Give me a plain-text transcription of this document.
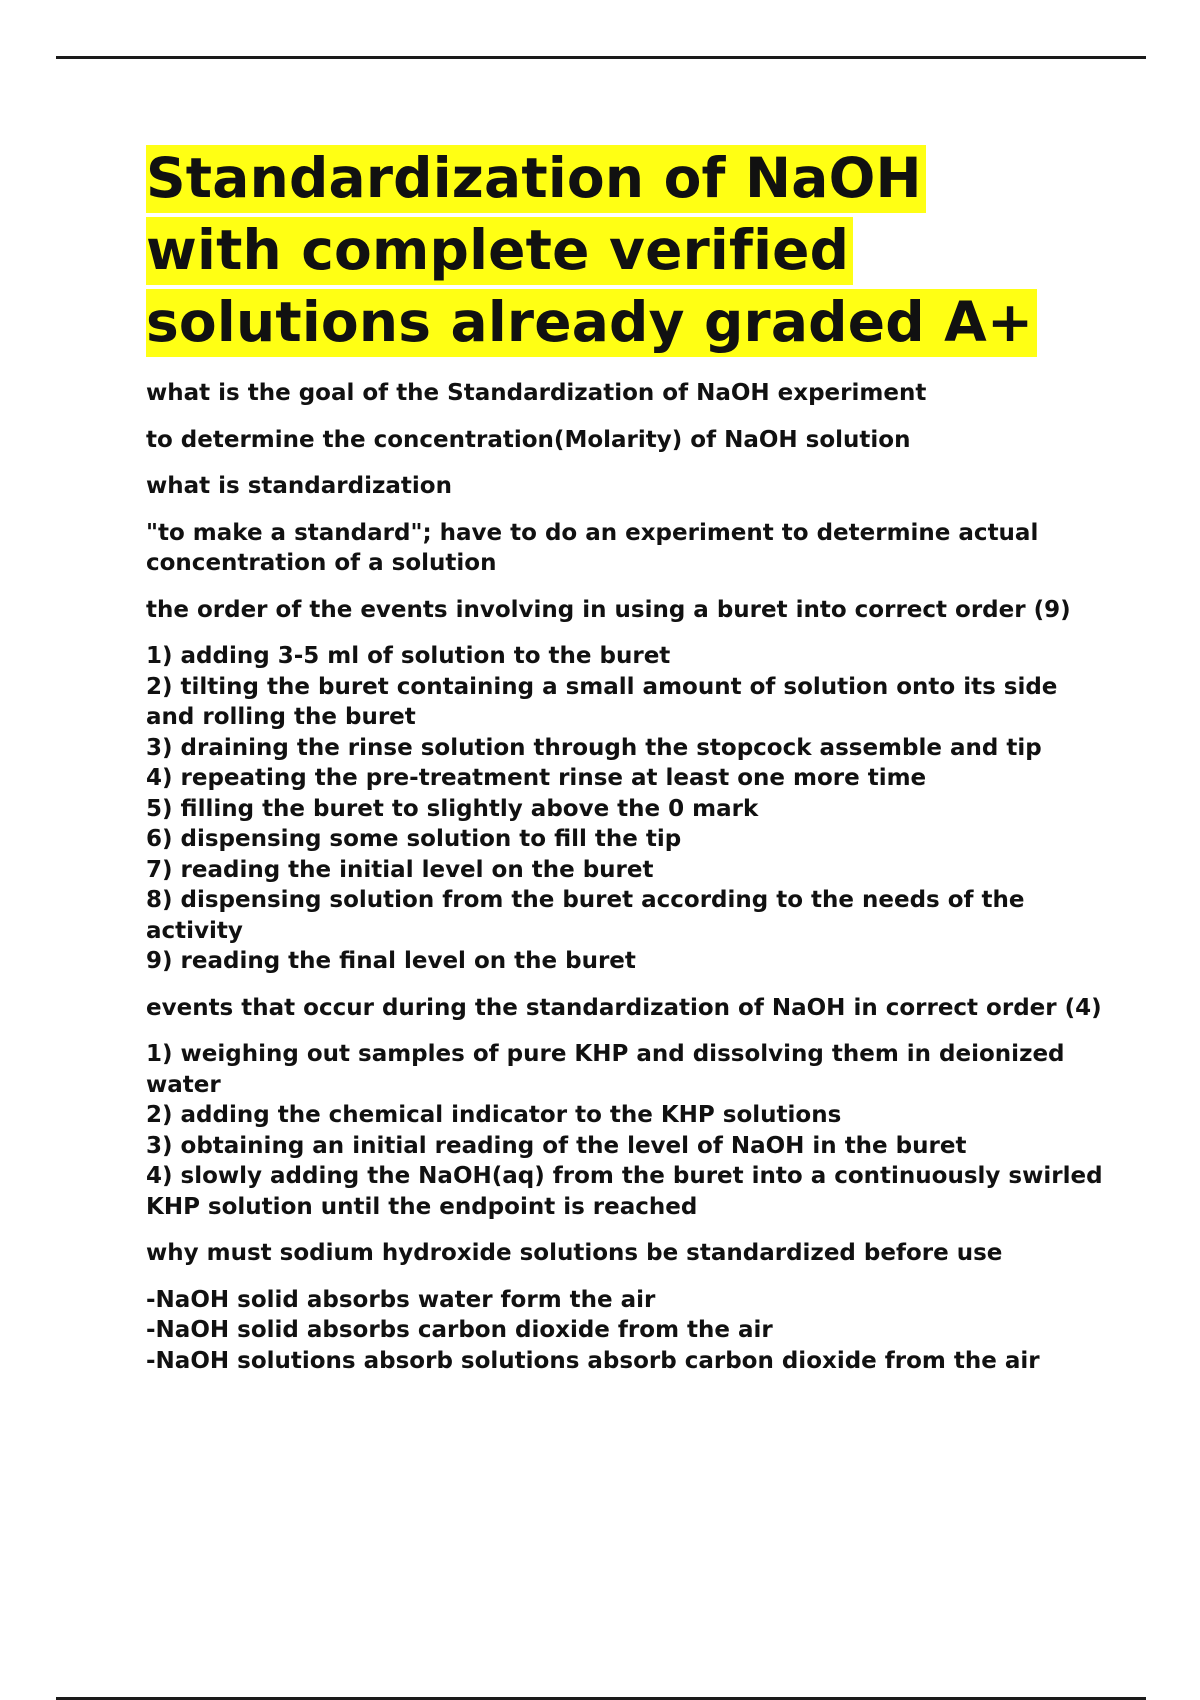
Standardization of NaOH
with complete verified
solutions already graded A+

what is the goal of the Standardization of NaOH experiment

to determine the concentration(Molarity) of NaOH solution

what is standardization

"to make a standard"; have to do an experiment to determine actual concentration of a solution

the order of the events involving in using a buret into correct order (9)

1) adding 3-5 ml of solution to the buret
2) tilting the buret containing a small amount of solution onto its side and rolling the buret
3) draining the rinse solution through the stopcock assemble and tip
4) repeating the pre-treatment rinse at least one more time
5) filling the buret to slightly above the 0 mark
6) dispensing some solution to fill the tip
7) reading the initial level on the buret
8) dispensing solution from the buret according to the needs of the activity
9) reading the final level on the buret

events that occur during the standardization of NaOH in correct order (4)

1) weighing out samples of pure KHP and dissolving them in deionized water
2) adding the chemical indicator to the KHP solutions
3) obtaining an initial reading of the level of NaOH in the buret
4) slowly adding the NaOH(aq) from the buret into a continuously swirled KHP solution until the endpoint is reached

why must sodium hydroxide solutions be standardized before use

-NaOH solid absorbs water form the air
-NaOH solid absorbs carbon dioxide from the air
-NaOH solutions absorb solutions absorb carbon dioxide from the air
